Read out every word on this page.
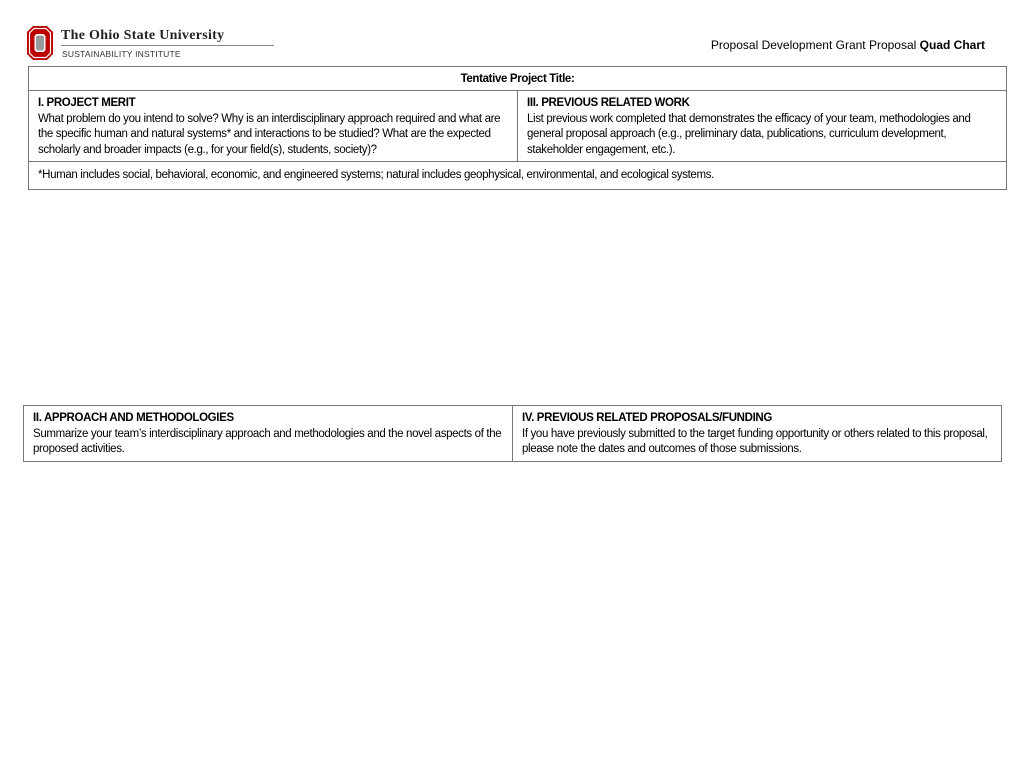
The Ohio State University
SUSTAINABILITY INSTITUTE
Proposal Development Grant Proposal Quad Chart
Tentative Project Title:

I. PROJECT MERIT
What problem do you intend to solve? Why is an interdisciplinary approach required and what are the specific human and natural systems* and interactions to be studied? What are the expected scholarly and broader impacts (e.g., for your field(s), students, society)?

III. PREVIOUS RELATED WORK
List previous work completed that demonstrates the efficacy of your team, methodologies and general proposal approach (e.g., preliminary data, publications, curriculum development, stakeholder engagement, etc.).

*Human includes social, behavioral, economic, and engineered systems; natural includes geophysical, environmental, and ecological systems.
II. APPROACH AND METHODOLOGIES
Summarize your team’s interdisciplinary approach and methodologies and the novel aspects of the proposed activities.

IV. PREVIOUS RELATED PROPOSALS/FUNDING
If you have previously submitted to the target funding opportunity or others related to this proposal, please note the dates and outcomes of those submissions.
